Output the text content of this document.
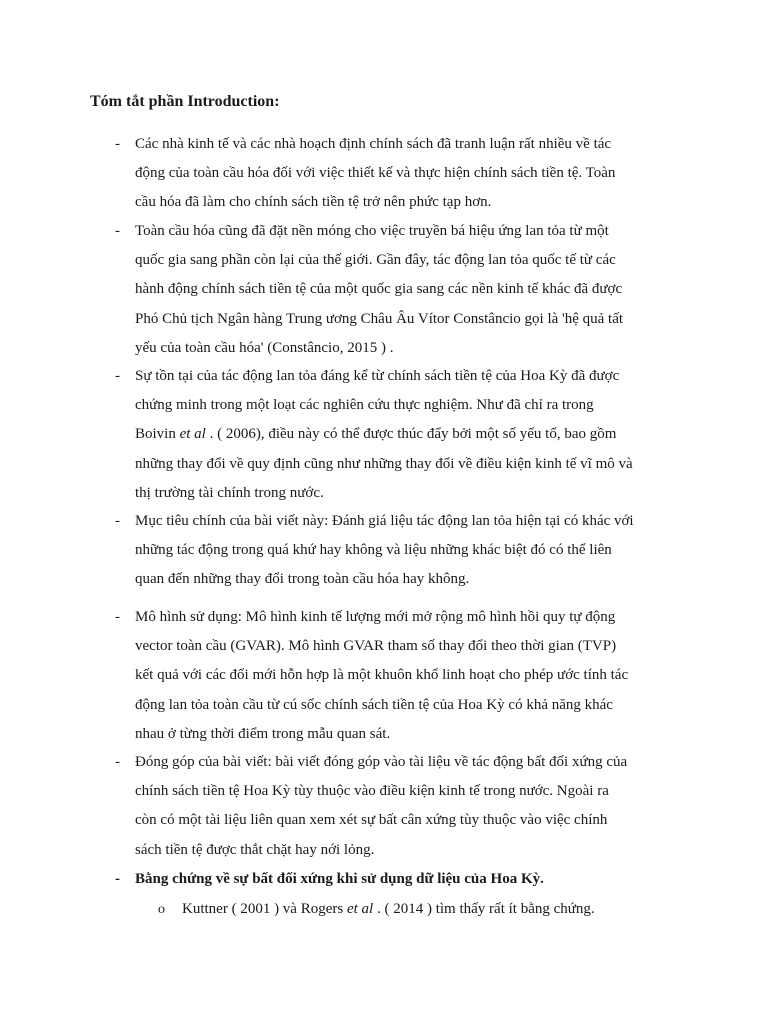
Tóm tắt phần Introduction:
- Các nhà kinh tế và các nhà hoạch định chính sách đã tranh luận rất nhiều về tác
động của toàn cầu hóa đối với việc thiết kế và thực hiện chính sách tiền tệ. Toàn
cầu hóa đã làm cho chính sách tiền tệ trở nên phức tạp hơn.
- Toàn cầu hóa cũng đã đặt nền móng cho việc truyền bá hiệu ứng lan tỏa từ một
quốc gia sang phần còn lại của thế giới. Gần đây, tác động lan tỏa quốc tế từ các
hành động chính sách tiền tệ của một quốc gia sang các nền kinh tế khác đã được
Phó Chủ tịch Ngân hàng Trung ương Châu Âu Vítor Constâncio gọi là 'hệ quả tất
yếu của toàn cầu hóa' (Constâncio, 2015 ) .
- Sự tồn tại của tác động lan tỏa đáng kể từ chính sách tiền tệ của Hoa Kỳ đã được
chứng minh trong một loạt các nghiên cứu thực nghiệm. Như đã chỉ ra trong
Boivin et al . ( 2006), điều này có thể được thúc đẩy bởi một số yếu tố, bao gồm
những thay đổi về quy định cũng như những thay đổi về điều kiện kinh tế vĩ mô và
thị trường tài chính trong nước.
- Mục tiêu chính của bài viết này: Đánh giá liệu tác động lan tỏa hiện tại có khác với
những tác động trong quá khứ hay không và liệu những khác biệt đó có thể liên
quan đến những thay đổi trong toàn cầu hóa hay không.
- Mô hình sử dụng: Mô hình kinh tế lượng mới mở rộng mô hình hồi quy tự động
vector toàn cầu (GVAR). Mô hình GVAR tham số thay đổi theo thời gian (TVP)
kết quả với các đổi mới hỗn hợp là một khuôn khổ linh hoạt cho phép ước tính tác
động lan tỏa toàn cầu từ cú sốc chính sách tiền tệ của Hoa Kỳ có khả năng khác
nhau ở từng thời điểm trong mẫu quan sát.
- Đóng góp của bài viết: bài viết đóng góp vào tài liệu về tác động bất đối xứng của
chính sách tiền tệ Hoa Kỳ tùy thuộc vào điều kiện kinh tế trong nước. Ngoài ra
còn có một tài liệu liên quan xem xét sự bất cân xứng tùy thuộc vào việc chính
sách tiền tệ được thắt chặt hay nới lỏng.
- Bằng chứng về sự bất đối xứng khi sử dụng dữ liệu của Hoa Kỳ.
o Kuttner ( 2001 ) và Rogers et al . ( 2014 ) tìm thấy rất ít bằng chứng.
